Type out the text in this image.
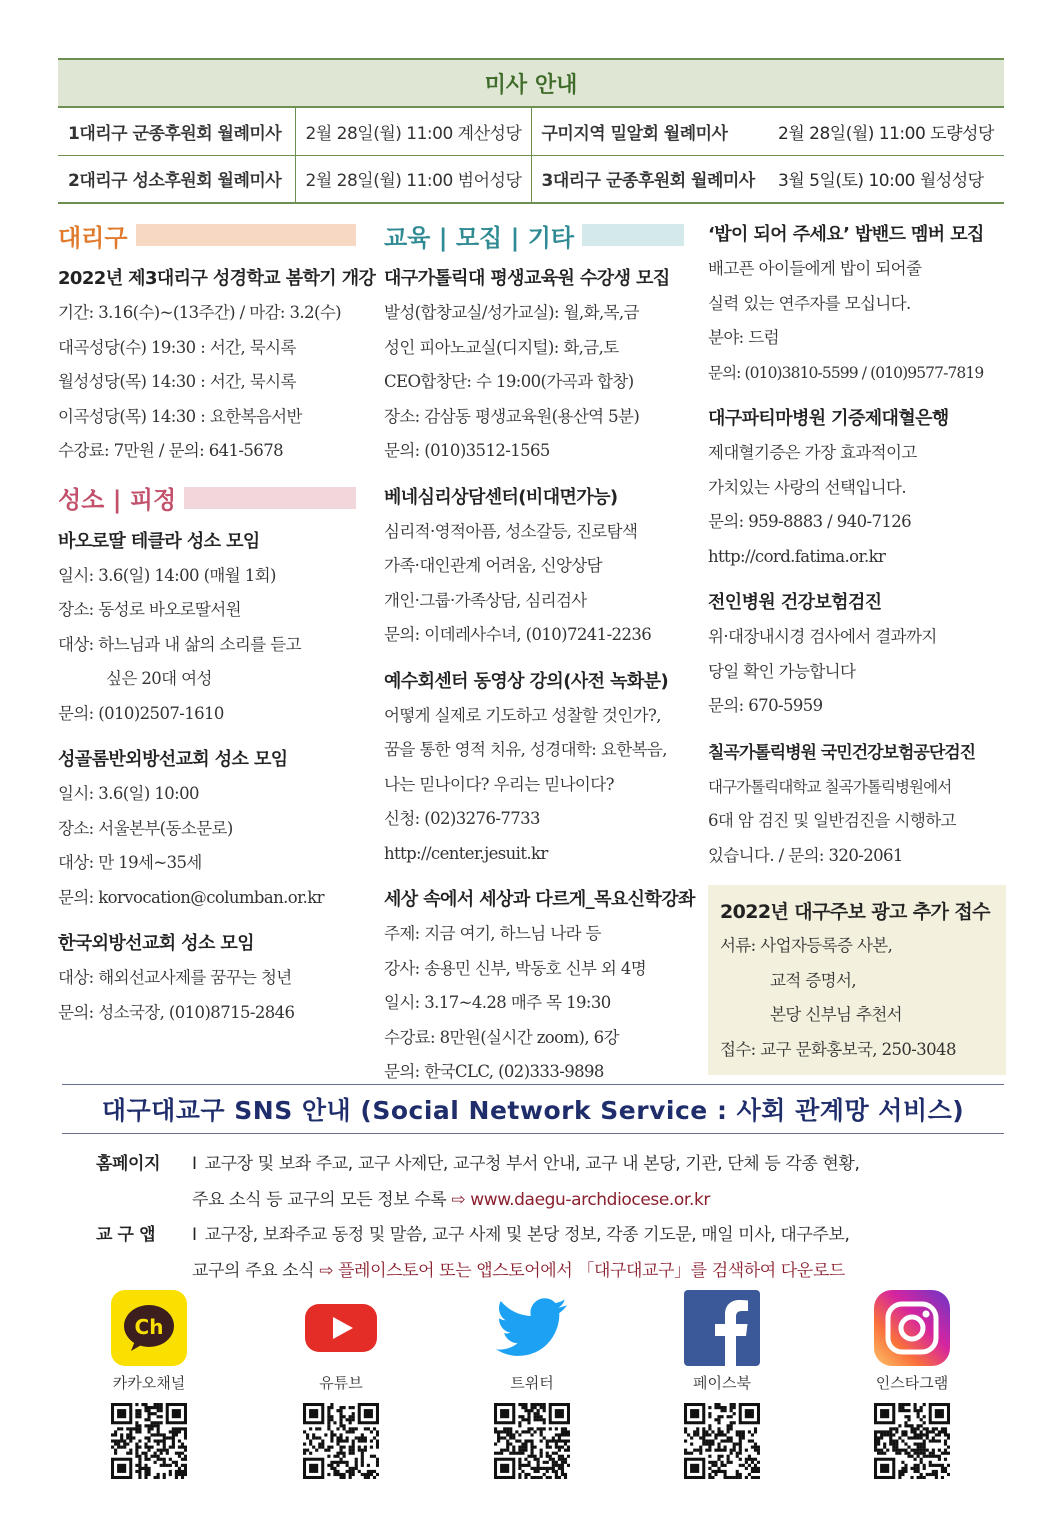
미사 안내			
1대리구 군종후원회 월례미사	2월 28일(월) 11:00 계산성당	구미지역 밀알회 월례미사	2월 28일(월) 11:00 도량성당
2대리구 성소후원회 월례미사	2월 28일(월) 11:00 범어성당	3대리구 군종후원회 월례미사	3월 5일(토) 10:00 월성성당
대리구
2022년 제3대리구 성경학교 봄학기 개강

기간: 3.16(수)~(13주간) / 마감: 3.2(수)

대곡성당(수) 19:30 : 서간, 묵시록

월성성당(목) 14:30 : 서간, 묵시록

이곡성당(목) 14:30 : 요한복음서반

수강료: 7만원 / 문의: 641-5678

성소 | 피정
바오로딸 테클라 성소 모임

일시: 3.6(일) 14:00 (매월 1회)

장소: 동성로 바오로딸서원

대상: 하느님과 내 삶의 소리를 듣고

싶은 20대 여성

문의: (010)2507-1610

성골롬반외방선교회 성소 모임

일시: 3.6(일) 10:00

장소: 서울본부(동소문로)

대상: 만 19세~35세

문의: korvocation@columban.or.kr

한국외방선교회 성소 모임

대상: 해외선교사제를 꿈꾸는 청년

문의: 성소국장, (010)8715-2846

교육 | 모집 | 기타
대구가톨릭대 평생교육원 수강생 모집

발성(합창교실/성가교실): 월,화,목,금

성인 피아노교실(디지털): 화,금,토

CEO합창단: 수 19:00(가곡과 합창)

장소: 감삼동 평생교육원(용산역 5분)

문의: (010)3512-1565

베네심리상담센터(비대면가능)

심리적·영적아픔, 성소갈등, 진로탐색

가족·대인관계 어려움, 신앙상담

개인·그룹·가족상담, 심리검사

문의: 이데레사수녀, (010)7241-2236

예수회센터 동영상 강의(사전 녹화분)

어떻게 실제로 기도하고 성찰할 것인가?,

꿈을 통한 영적 치유, 성경대학: 요한복음,

나는 믿나이다? 우리는 믿나이다?

신청: (02)3276-7733

http://center.jesuit.kr

세상 속에서 세상과 다르게_목요신학강좌

주제: 지금 여기, 하느님 나라 등

강사: 송용민 신부, 박동호 신부 외 4명

일시: 3.17~4.28 매주 목 19:30

수강료: 8만원(실시간 zoom), 6강

문의: 한국CLC, (02)333-9898

‘밥이 되어 주세요’ 밥밴드 멤버 모집

배고픈 아이들에게 밥이 되어줄

실력 있는 연주자를 모십니다.

분야: 드럼

문의: (010)3810-5599 / (010)9577-7819

대구파티마병원 기증제대혈은행

제대혈기증은 가장 효과적이고

가치있는 사랑의 선택입니다.

문의: 959-8883 / 940-7126

http://cord.fatima.or.kr

전인병원 건강보험검진

위·대장내시경 검사에서 결과까지

당일 확인 가능합니다

문의: 670-5959

칠곡가톨릭병원 국민건강보험공단검진

대구가톨릭대학교 칠곡가톨릭병원에서

6대 암 검진 및 일반검진을 시행하고

있습니다. / 문의: 320-2061

2022년 대구주보 광고 추가 접수

서류: 사업자등록증 사본,

교적 증명서,

본당 신부님 추천서

접수: 교구 문화홍보국, 250-3048

대구대교구 SNS 안내 (Social Network Service : 사회 관계망 서비스)
홈페이지 I 교구장 및 보좌 주교, 교구 사제단, 교구청 부서 안내, 교구 내 본당, 기관, 단체 등 각종 현황,
주요 소식 등 교구의 모든 정보 수록 ⇨ www.daegu-archdiocese.or.kr
교 구 앱 I 교구장, 보좌주교 동정 및 말씀, 교구 사제 및 본당 정보, 각종 기도문, 매일 미사, 대구주보,
교구의 주요 소식 ⇨ 플레이스토어 또는 앱스토어에서 「대구대교구」를 검색하여 다운로드
Ch
카카오채널	유튜브	트위터	페이스북	인스타그램
